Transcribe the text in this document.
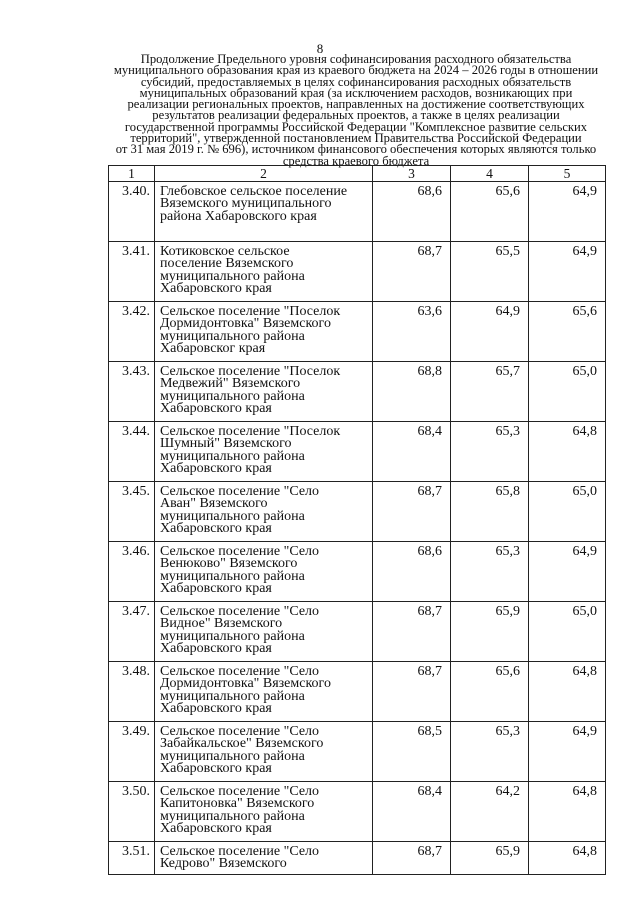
8
Продолжение Предельного уровня софинансирования расходного обязательства
муниципального образования края из краевого бюджета на 2024 – 2026 годы в отношении
субсидий, предоставляемых в целях софинансирования расходных обязательств
муниципальных образований края (за исключением расходов, возникающих при
реализации региональных проектов, направленных на достижение соответствующих
результатов реализации федеральных проектов, а также в целях реализации
государственной программы Российской Федерации "Комплексное развитие сельских
территорий", утвержденной постановлением Правительства Российской Федерации
от 31 мая 2019 г. № 696), источником финансового обеспечения которых являются только
средства краевого бюджета
1	2	3	4	5
3.40.	Глебовское сельское поселение
Вяземского муниципального
района Хабаровского края	68,6	65,6	64,9
3.41.	Котиковское сельское
поселение Вяземского
муниципального района
Хабаровского края	68,7	65,5	64,9
3.42.	Сельское поселение "Поселок
Дормидонтовка" Вяземского
муниципального района
Хабаровског края	63,6	64,9	65,6
3.43.	Сельское поселение "Поселок
Медвежий" Вяземского
муниципального района
Хабаровского края	68,8	65,7	65,0
3.44.	Сельское поселение "Поселок
Шумный" Вяземского
муниципального района
Хабаровского края	68,4	65,3	64,8
3.45.	Сельское поселение "Село
Аван" Вяземского
муниципального района
Хабаровского края	68,7	65,8	65,0
3.46.	Сельское поселение "Село
Венюково" Вяземского
муниципального района
Хабаровского края	68,6	65,3	64,9
3.47.	Сельское поселение "Село
Видное" Вяземского
муниципального района
Хабаровского края	68,7	65,9	65,0
3.48.	Сельское поселение "Село
Дормидонтовка" Вяземского
муниципального района
Хабаровского края	68,7	65,6	64,8
3.49.	Сельское поселение "Село
Забайкальское" Вяземского
муниципального района
Хабаровского края	68,5	65,3	64,9
3.50.	Сельское поселение "Село
Капитоновка" Вяземского
муниципального района
Хабаровского края	68,4	64,2	64,8
3.51.	Сельское поселение "Село
Кедрово" Вяземского	68,7	65,9	64,8
